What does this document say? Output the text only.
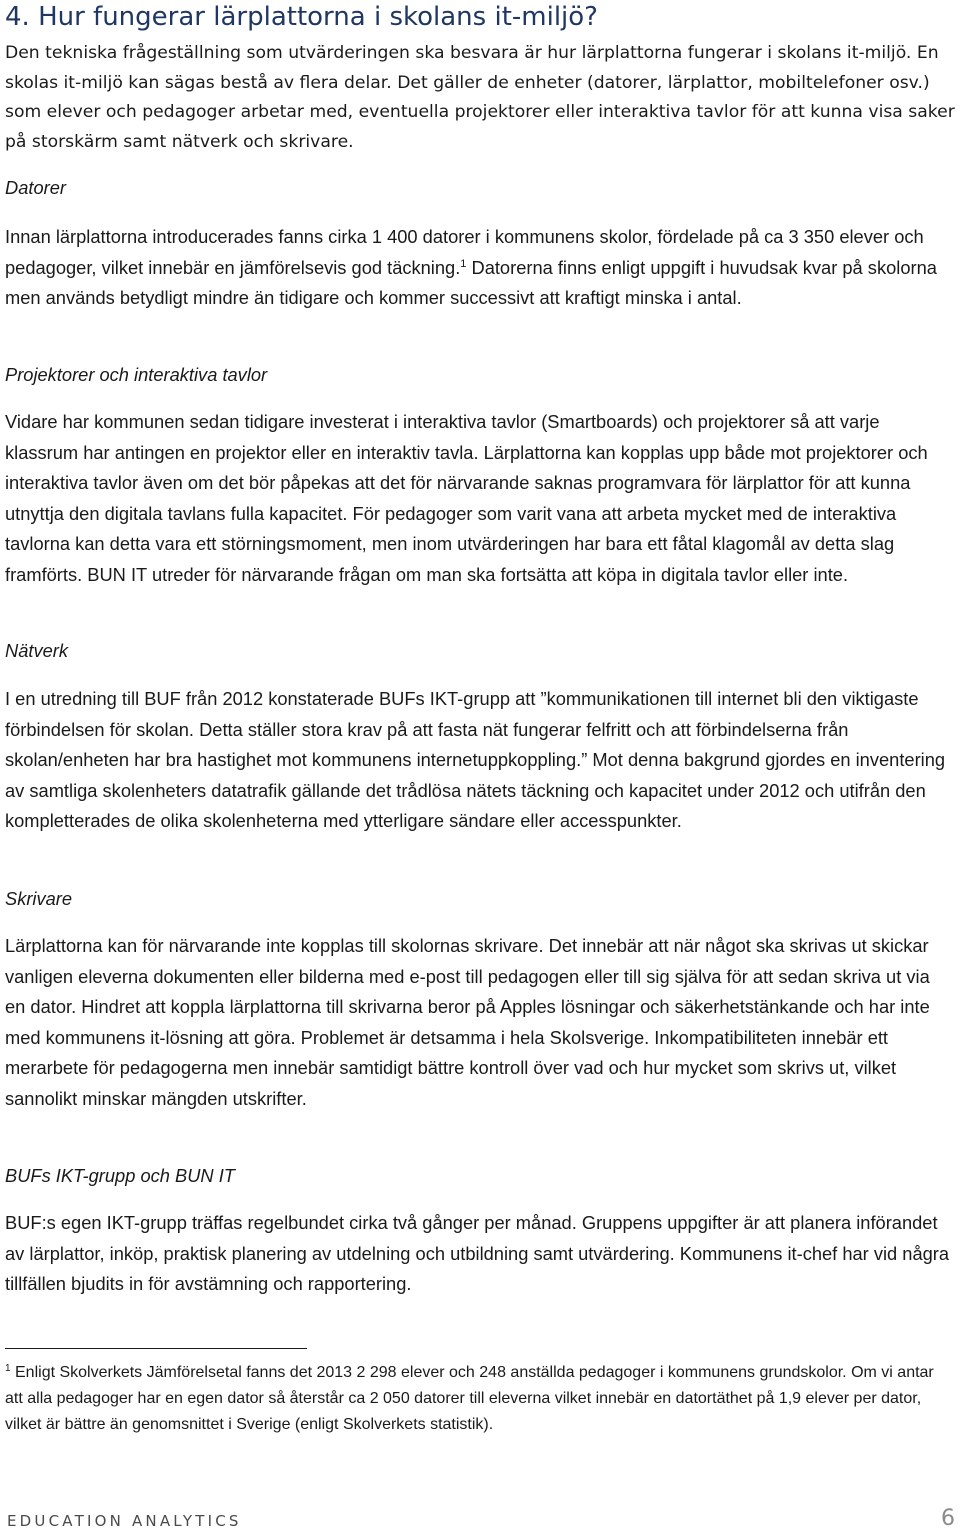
4. Hur fungerar lärplattorna i skolans it-miljö?

Den tekniska frågeställning som utvärderingen ska besvara är hur lärplattorna fungerar i skolans it-miljö. En skolas it-miljö kan sägas bestå av flera delar. Det gäller de enheter (datorer, lärplattor, mobiltelefoner osv.) som elever och pedagoger arbetar med, eventuella projektorer eller interaktiva tavlor för att kunna visa saker på storskärm samt nätverk och skrivare.

Datorer

Innan lärplattorna introducerades fanns cirka 1 400 datorer i kommunens skolor, fördelade på ca 3 350 elever och pedagoger, vilket innebär en jämförelsevis god täckning.$^1$ Datorerna finns enligt uppgift i huvudsak kvar på skolorna men används betydligt mindre än tidigare och kommer successivt att kraftigt minska i antal.

Projektorer och interaktiva tavlor

Vidare har kommunen sedan tidigare investerat i interaktiva tavlor (Smartboards) och projektorer så att varje klassrum har antingen en projektor eller en interaktiv tavla. Lärplattorna kan kopplas upp både mot projektorer och interaktiva tavlor även om det bör påpekas att det för närvarande saknas programvara för lärplattor för att kunna utnyttja den digitala tavlans fulla kapacitet. För pedagoger som varit vana att arbeta mycket med de interaktiva tavlorna kan detta vara ett störningsmoment, men inom utvärderingen har bara ett fåtal klagomål av detta slag framförts. BUN IT utreder för närvarande frågan om man ska fortsätta att köpa in digitala tavlor eller inte.

Nätverk

I en utredning till BUF från 2012 konstaterade BUFs IKT-grupp att ”kommunikationen till internet bli den viktigaste förbindelsen för skolan. Detta ställer stora krav på att fasta nät fungerar felfritt och att förbindelserna från skolan/enheten har bra hastighet mot kommunens internetuppkoppling.” Mot denna bakgrund gjordes en inventering av samtliga skolenheters datatrafik gällande det trådlösa nätets täckning och kapacitet under 2012 och utifrån den kompletterades de olika skolenheterna med ytterligare sändare eller accesspunkter.

Skrivare

Lärplattorna kan för närvarande inte kopplas till skolornas skrivare. Det innebär att när något ska skrivas ut skickar vanligen eleverna dokumenten eller bilderna med e-post till pedagogen eller till sig själva för att sedan skriva ut via en dator. Hindret att koppla lärplattorna till skrivarna beror på Apples lösningar och säkerhetstänkande och har inte med kommunens it-lösning att göra. Problemet är detsamma i hela Skolsverige. Inkompatibiliteten innebär ett merarbete för pedagogerna men innebär samtidigt bättre kontroll över vad och hur mycket som skrivs ut, vilket sannolikt minskar mängden utskrifter.

BUFs IKT-grupp och BUN IT

BUF:s egen IKT-grupp träffas regelbundet cirka två gånger per månad. Gruppens uppgifter är att planera införandet av lärplattor, inköp, praktisk planering av utdelning och utbildning samt utvärdering. Kommunens it-chef har vid några tillfällen bjudits in för avstämning och rapportering.

$^1$ Enligt Skolverkets Jämförelsetal fanns det 2013 2 298 elever och 248 anställda pedagoger i kommunens grundskolor. Om vi antar att alla pedagoger har en egen dator så återstår ca 2 050 datorer till eleverna vilket innebär en datortäthet på 1,9 elever per dator, vilket är bättre än genomsnittet i Sverige (enligt Skolverkets statistik).

EDUCATION ANALYTICS	6
